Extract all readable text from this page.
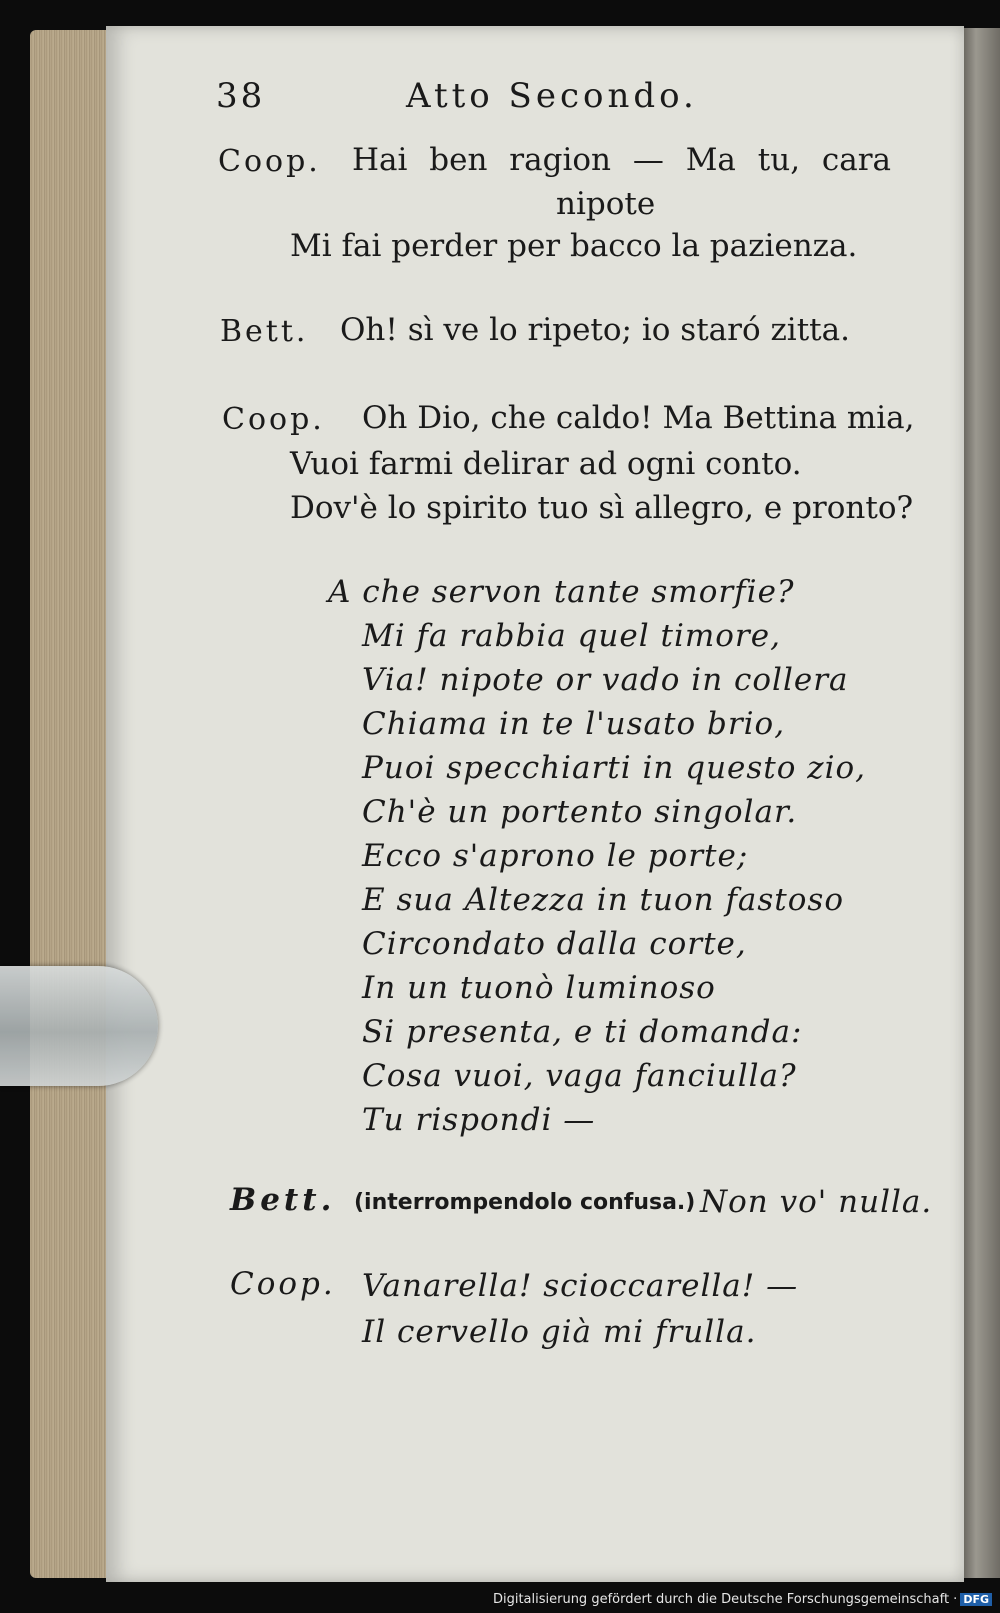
38	Atto Secondo.
Coop. Hai ben ragion — Ma tu, cara
nipote
Mi fai perder per bacco la pazienza.
Bett. Oh! sì ve lo ripeto; io staró zitta.
Coop. Oh Dio, che caldo! Ma Bettina mia,
Vuoi farmi delirar ad ogni conto.
Dov'è lo spirito tuo sì allegro, e pronto?
A che servon tante smorfie?
Mi fa rabbia quel timore,
Via! nipote or vado in collera
Chiama in te l'usato brio,
Puoi specchiarti in questo zio,
Ch'è un portento singolar.
Ecco s'aprono le porte;
E sua Altezza in tuon fastoso
Circondato dalla corte,
In un tuonò luminoso
Si presenta, e ti domanda:
Cosa vuoi, vaga fanciulla?
Tu rispondi —
Bett. (interrompendolo confusa.) Non vo' nulla.
Coop. Vanarella! scioccarella! —
Il cervello già mi frulla.
Digitalisierung gefördert durch die Deutsche Forschungsgemeinschaft · DFG
